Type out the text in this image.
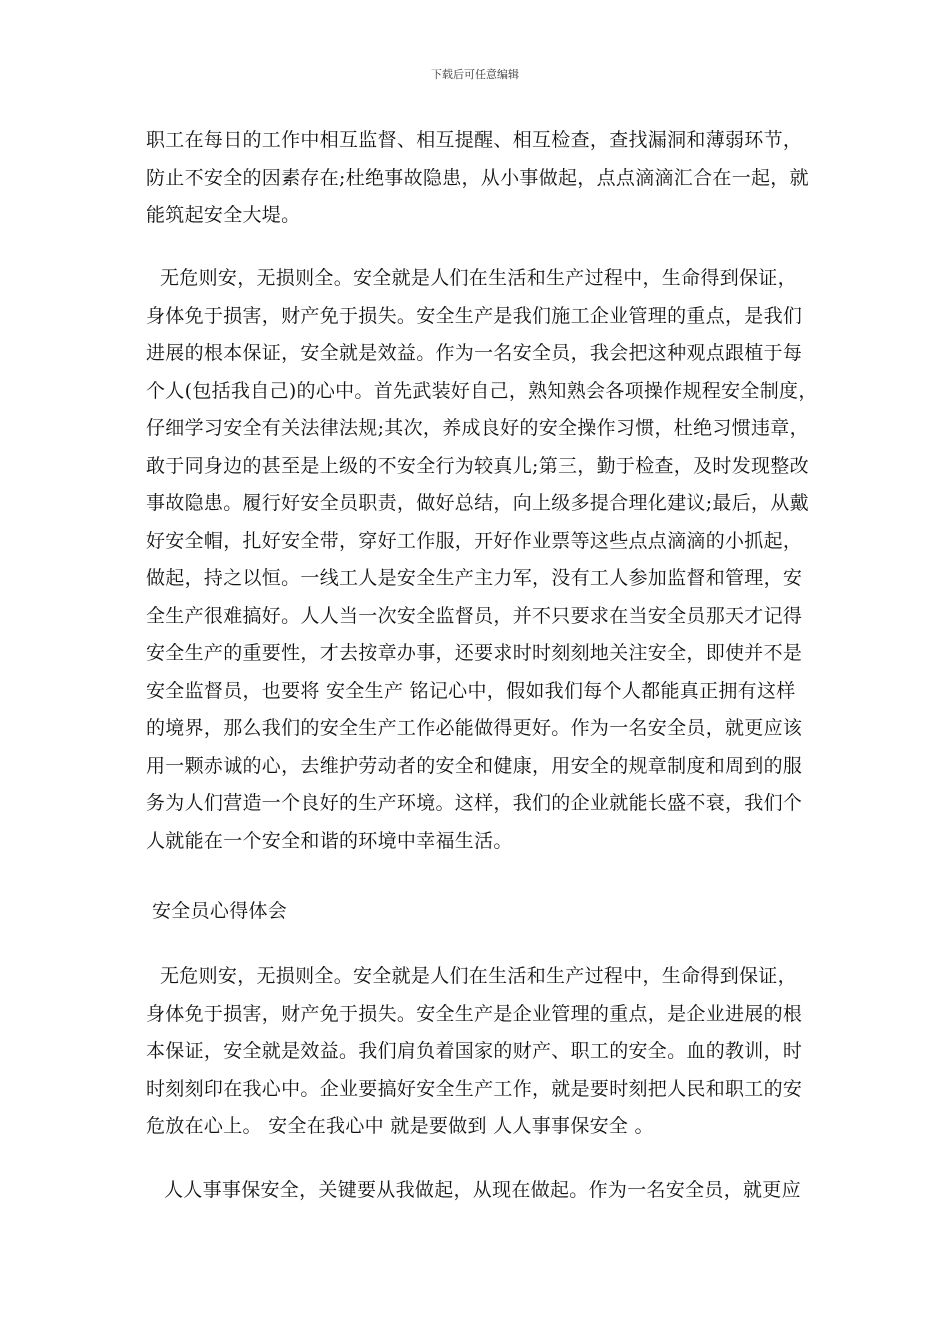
下载后可任意编辑
职工在每日的工作中相互监督、相互提醒、相互检查，查找漏洞和薄弱环节，
防止不安全的因素存在;杜绝事故隐患，从小事做起，点点滴滴汇合在一起，就
能筑起安全大堤。
无危则安，无损则全。安全就是人们在生活和生产过程中，生命得到保证，
身体免于损害，财产免于损失。安全生产是我们施工企业管理的重点，是我们
进展的根本保证，安全就是效益。作为一名安全员，我会把这种观点跟植于每
个人(包括我自己)的心中。首先武装好自己，熟知熟会各项操作规程安全制度，
仔细学习安全有关法律法规;其次，养成良好的安全操作习惯，杜绝习惯违章，
敢于同身边的甚至是上级的不安全行为较真儿;第三，勤于检查，及时发现整改
事故隐患。履行好安全员职责，做好总结，向上级多提合理化建议;最后，从戴
好安全帽，扎好安全带，穿好工作服，开好作业票等这些点点滴滴的小抓起，
做起，持之以恒。一线工人是安全生产主力军，没有工人参加监督和管理，安
全生产很难搞好。人人当一次安全监督员，并不只要求在当安全员那天才记得
安全生产的重要性，才去按章办事，还要求时时刻刻地关注安全，即使并不是
安全监督员，也要将 安全生产 铭记心中，假如我们每个人都能真正拥有这样
的境界，那么我们的安全生产工作必能做得更好。作为一名安全员，就更应该
用一颗赤诚的心，去维护劳动者的安全和健康，用安全的规章制度和周到的服
务为人们营造一个良好的生产环境。这样，我们的企业就能长盛不衰，我们个
人就能在一个安全和谐的环境中幸福生活。
安全员心得体会
无危则安，无损则全。安全就是人们在生活和生产过程中，生命得到保证，
身体免于损害，财产免于损失。安全生产是企业管理的重点，是企业进展的根
本保证，安全就是效益。我们肩负着国家的财产、职工的安全。血的教训，时
时刻刻印在我心中。企业要搞好安全生产工作，就是要时刻把人民和职工的安
危放在心上。 安全在我心中 就是要做到 人人事事保安全 。
人人事事保安全，关键要从我做起，从现在做起。作为一名安全员，就更应
